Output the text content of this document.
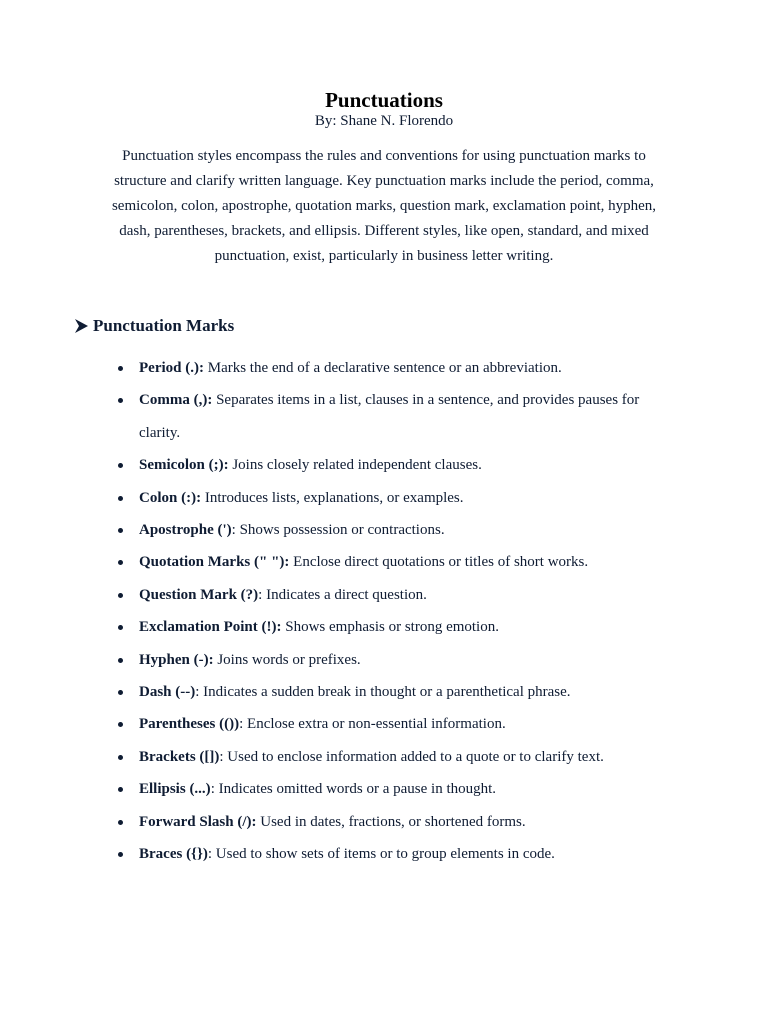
Punctuations
By: Shane N. Florendo

Punctuation styles encompass the rules and conventions for using punctuation marks to structure and clarify written language. Key punctuation marks include the period, comma, semicolon, colon, apostrophe, quotation marks, question mark, exclamation point, hyphen, dash, parentheses, brackets, and ellipsis. Different styles, like open, standard, and mixed punctuation, exist, particularly in business letter writing.

Punctuation Marks
Period (.): Marks the end of a declarative sentence or an abbreviation.
Comma (,): Separates items in a list, clauses in a sentence, and provides pauses for clarity.
Semicolon (;): Joins closely related independent clauses.
Colon (:): Introduces lists, explanations, or examples.
Apostrophe ('): Shows possession or contractions.
Quotation Marks (" "): Enclose direct quotations or titles of short works.
Question Mark (?): Indicates a direct question.
Exclamation Point (!): Shows emphasis or strong emotion.
Hyphen (-): Joins words or prefixes.
Dash (--): Indicates a sudden break in thought or a parenthetical phrase.
Parentheses (()): Enclose extra or non-essential information.
Brackets ([]): Used to enclose information added to a quote or to clarify text.
Ellipsis (...): Indicates omitted words or a pause in thought.
Forward Slash (/): Used in dates, fractions, or shortened forms.
Braces ({}): Used to show sets of items or to group elements in code.
